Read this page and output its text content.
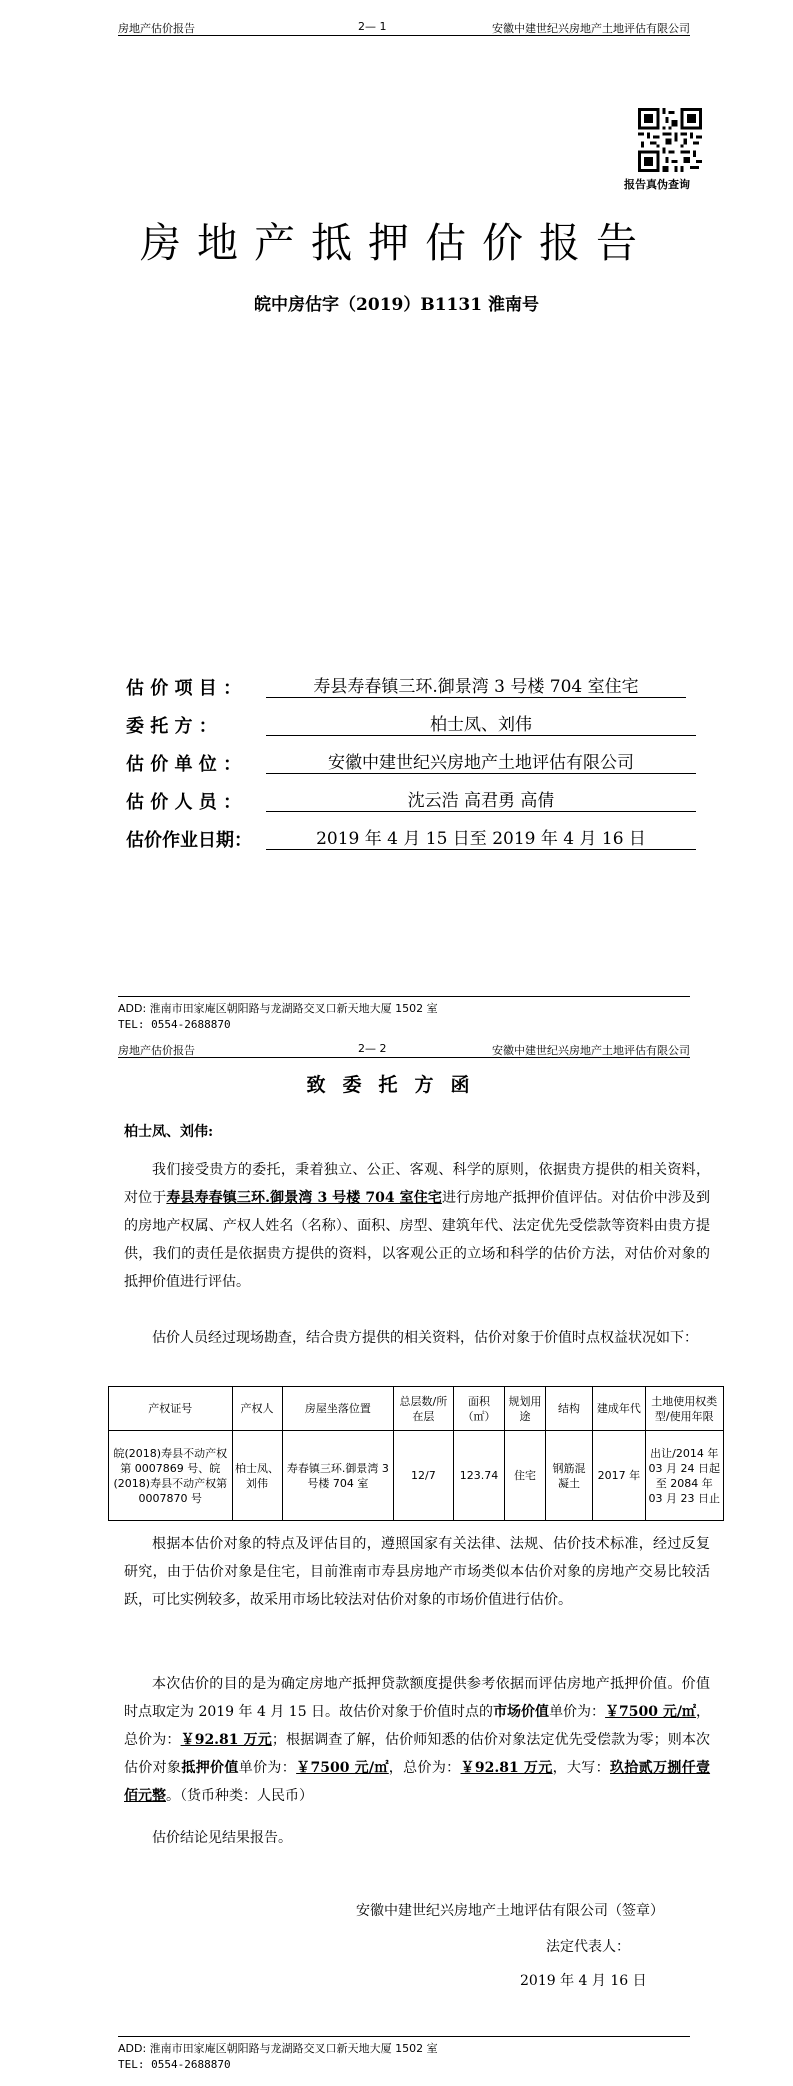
房地产估价报告	2— 1	安徽中建世纪兴房地产土地评估有限公司
报告真伪查询
房地产抵押估价报告
皖中房估字（2019）B1131 淮南号
估 价 项 目 ：	寿县寿春镇三环.御景湾 3 号楼 704 室住宅
委 托 方 ：	柏士凤、刘伟
估 价 单 位 ：	安徽中建世纪兴房地产土地评估有限公司
估 价 人 员 ：	沈云浩 高君勇 高倩
估价作业日期：	2019 年 4 月 15 日至 2019 年 4 月 16 日
ADD: 淮南市田家庵区朝阳路与龙湖路交叉口新天地大厦 1502 室
TEL: 0554-2688870
房地产估价报告	2— 2	安徽中建世纪兴房地产土地评估有限公司
致委托方函
柏士凤、刘伟:
我们接受贵方的委托，秉着独立、公正、客观、科学的原则，依据贵方提供的相关资料，对位于寿县寿春镇三环.御景湾 3 号楼 704 室住宅进行房地产抵押价值评估。对估价中涉及到的房地产权属、产权人姓名（名称）、面积、房型、建筑年代、法定优先受偿款等资料由贵方提供，我们的责任是依据贵方提供的资料，以客观公正的立场和科学的估价方法，对估价对象的抵押价值进行评估。
估价人员经过现场勘查，结合贵方提供的相关资料，估价对象于价值时点权益状况如下：
产权证号	产权人	房屋坐落位置	总层数/所在层	面积（㎡）	规划用途	结构	建成年代	土地使用权类型/使用年限
皖(2018)寿县不动产权第 0007869 号、皖(2018)寿县不动产权第 0007870 号	柏士凤、刘伟	寿春镇三环.御景湾 3 号楼 704 室	12/7	123.74	住宅	钢筋混凝土	2017 年	出让/2014 年 03 月 24 日起至 2084 年 03 月 23 日止
根据本估价对象的特点及评估目的，遵照国家有关法律、法规、估价技术标准，经过反复研究，由于估价对象是住宅，目前淮南市寿县房地产市场类似本估价对象的房地产交易比较活跃，可比实例较多，故采用市场比较法对估价对象的市场价值进行估价。
本次估价的目的是为确定房地产抵押贷款额度提供参考依据而评估房地产抵押价值。价值时点取定为 2019 年 4 月 15 日。故估价对象于价值时点的市场价值单价为：￥7500 元/㎡，总价为：￥92.81 万元；根据调查了解，估价师知悉的估价对象法定优先受偿款为零；则本次估价对象抵押价值单价为：￥7500 元/㎡，总价为：￥92.81 万元，大写：玖拾贰万捌仟壹佰元整。（货币种类：人民币）
估价结论见结果报告。
安徽中建世纪兴房地产土地评估有限公司（签章）
法定代表人：
2019 年 4 月 16 日
ADD: 淮南市田家庵区朝阳路与龙湖路交叉口新天地大厦 1502 室
TEL: 0554-2688870
